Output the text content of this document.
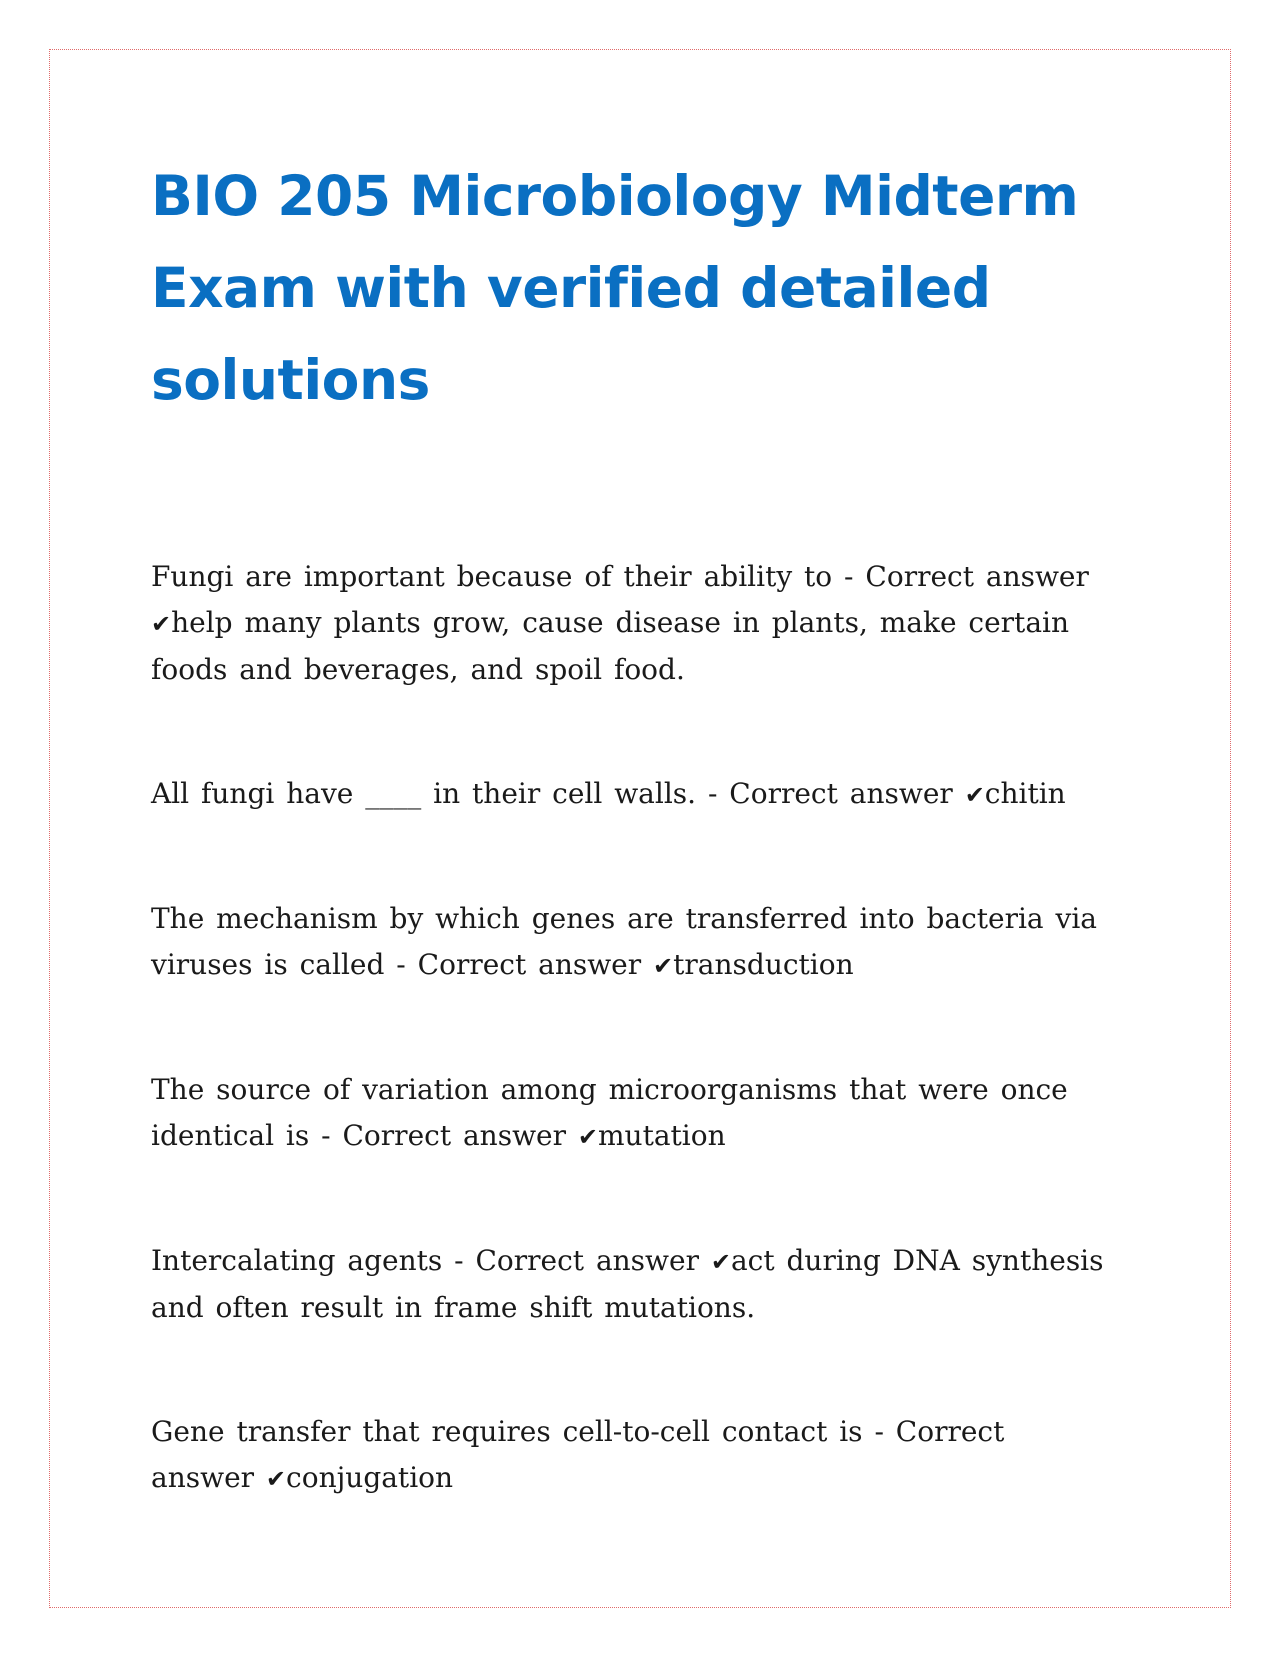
BIO 205 Microbiology Midterm Exam with verified detailed solutions

Fungi are important because of their ability to - Correct answer ✔help many plants grow, cause disease in plants, make certain foods and beverages, and spoil food.

All fungi have ____ in their cell walls. - Correct answer ✔chitin

The mechanism by which genes are transferred into bacteria via viruses is called - Correct answer ✔transduction

The source of variation among microorganisms that were once identical is - Correct answer ✔mutation

Intercalating agents - Correct answer ✔act during DNA synthesis and often result in frame shift mutations.

Gene transfer that requires cell-to-cell contact is - Correct answer ✔conjugation
